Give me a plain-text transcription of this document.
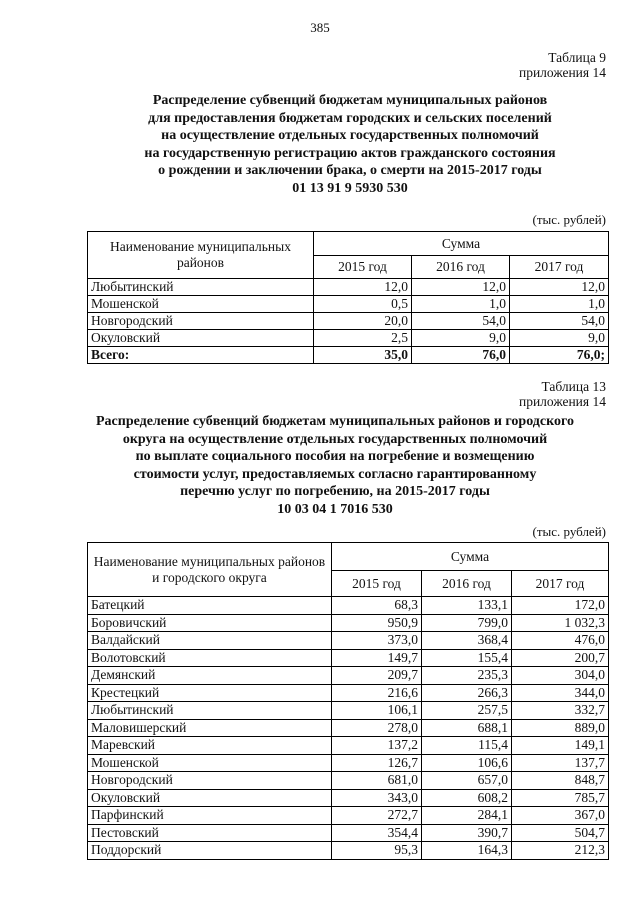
385
Таблица 9
приложения 14
Распределение субвенций бюджетам муниципальных районов
для предоставления бюджетам городских и сельских поселений
на осуществление отдельных государственных полномочий
на государственную регистрацию актов гражданского состояния
о рождении и заключении брака, о смерти на 2015-2017 годы
01 13 91 9 5930 530
(тыс. рублей)
Наименование муниципальных районов	Сумма		
	2015 год	2016 год	2017 год
Любытинский	12,0	12,0	12,0
Мошенской	0,5	1,0	1,0
Новгородский	20,0	54,0	54,0
Окуловский	2,5	9,0	9,0
Всего:	35,0	76,0	76,0;
Таблица 13
приложения 14
Распределение субвенций бюджетам муниципальных районов и городского
округа на осуществление отдельных государственных полномочий
по выплате социального пособия на погребение и возмещению
стоимости услуг, предоставляемых согласно гарантированному
перечню услуг по погребению, на 2015-2017 годы
10 03 04 1 7016 530
(тыс. рублей)
Наименование муниципальных районов и городского округа	Сумма		
	2015 год	2016 год	2017 год
Батецкий	68,3	133,1	172,0
Боровичский	950,9	799,0	1 032,3
Валдайский	373,0	368,4	476,0
Волотовский	149,7	155,4	200,7
Демянский	209,7	235,3	304,0
Крестецкий	216,6	266,3	344,0
Любытинский	106,1	257,5	332,7
Маловишерский	278,0	688,1	889,0
Маревский	137,2	115,4	149,1
Мошенской	126,7	106,6	137,7
Новгородский	681,0	657,0	848,7
Окуловский	343,0	608,2	785,7
Парфинский	272,7	284,1	367,0
Пестовский	354,4	390,7	504,7
Поддорский	95,3	164,3	212,3
